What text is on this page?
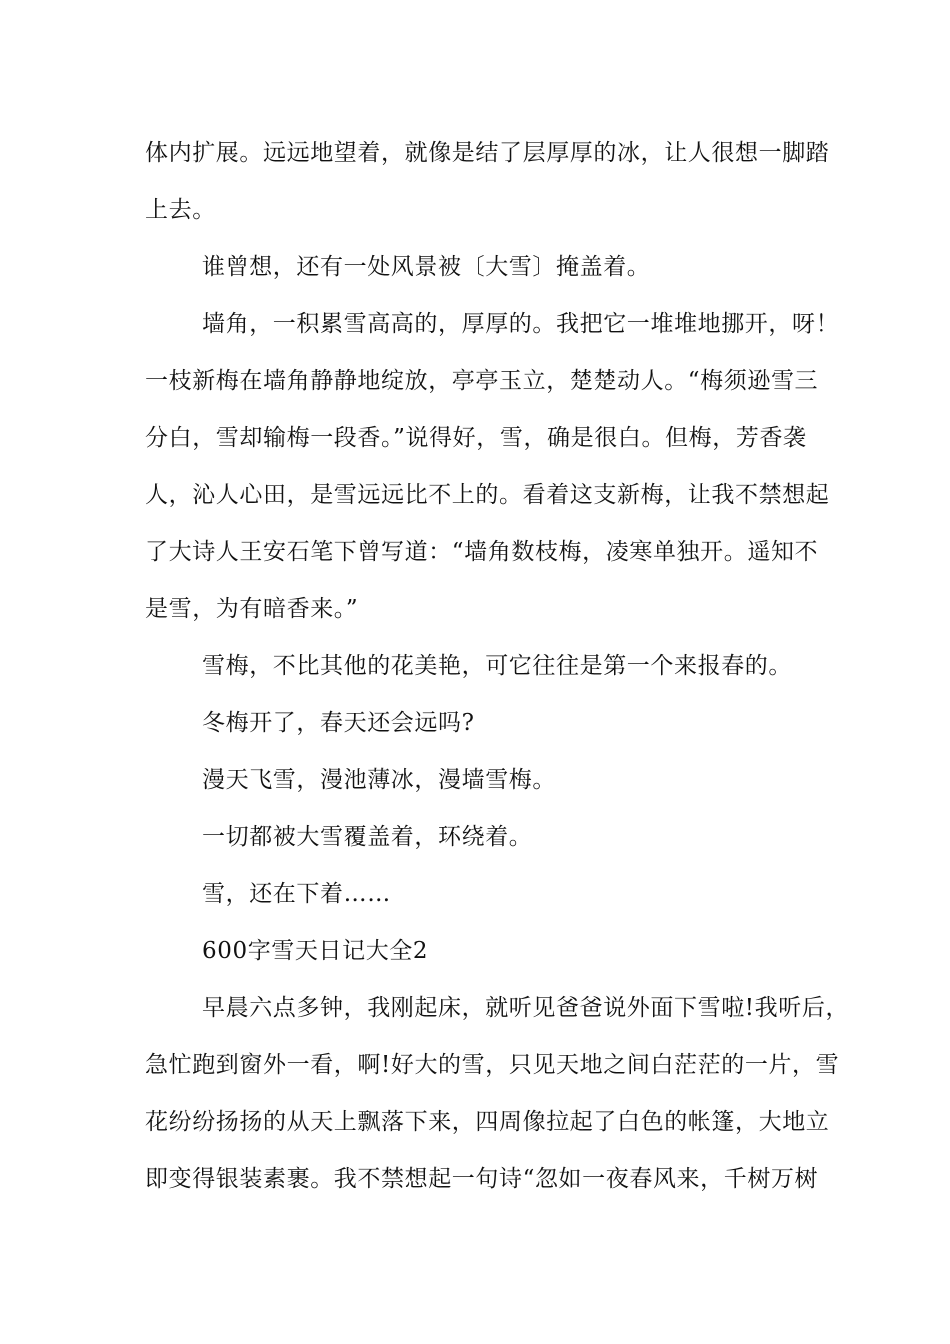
体内扩展。远远地望着，就像是结了层厚厚的冰，让人很想一脚踏
上去。
谁曾想，还有一处风景被〔大雪〕掩盖着。
墙角，一积累雪高高的，厚厚的。我把它一堆堆地挪开，呀！
一枝新梅在墙角静静地绽放，亭亭玉立，楚楚动人。“梅须逊雪三
分白，雪却输梅一段香。”说得好，雪，确是很白。但梅，芳香袭
人，沁人心田，是雪远远比不上的。看着这支新梅，让我不禁想起
了大诗人王安石笔下曾写道：“墙角数枝梅，凌寒单独开。遥知不
是雪，为有暗香来。”
雪梅，不比其他的花美艳，可它往往是第一个来报春的。
冬梅开了，春天还会远吗?
漫天飞雪，漫池薄冰，漫墙雪梅。
一切都被大雪覆盖着，环绕着。
雪，还在下着……
600字雪天日记大全2
早晨六点多钟，我刚起床，就听见爸爸说外面下雪啦!我听后，
急忙跑到窗外一看，啊!好大的雪，只见天地之间白茫茫的一片，雪
花纷纷扬扬的从天上飘落下来，四周像拉起了白色的帐篷，大地立
即变得银装素裹。我不禁想起一句诗“忽如一夜春风来，千树万树
